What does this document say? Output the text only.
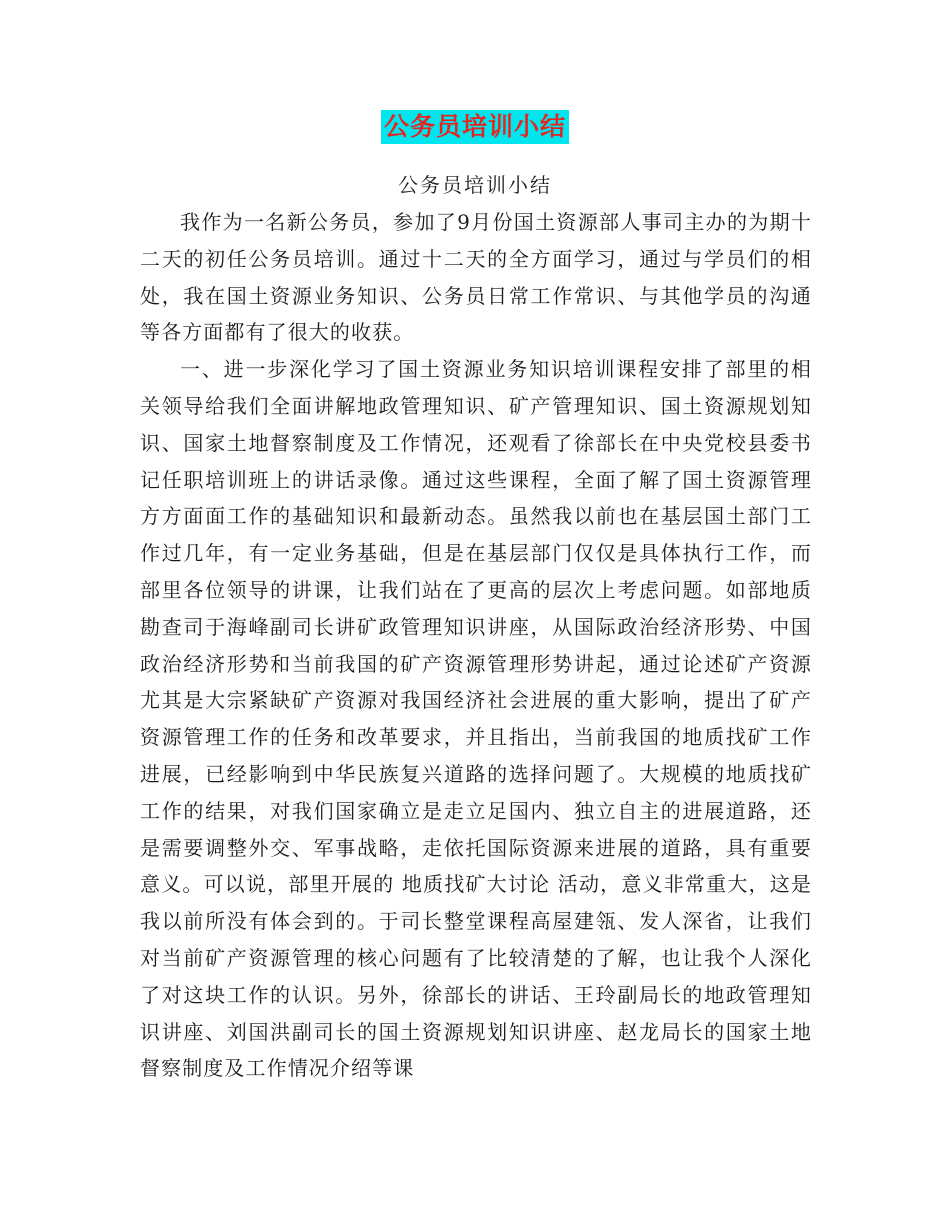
公务员培训小结
公务员培训小结

我作为一名新公务员，参加了9月份国土资源部人事司主办的为期十二天的初任公务员培训。通过十二天的全方面学习，通过与学员们的相处，我在国土资源业务知识、公务员日常工作常识、与其他学员的沟通等各方面都有了很大的收获。

一、进一步深化学习了国土资源业务知识培训课程安排了部里的相关领导给我们全面讲解地政管理知识、矿产管理知识、国土资源规划知识、国家土地督察制度及工作情况，还观看了徐部长在中央党校县委书记任职培训班上的讲话录像。通过这些课程，全面了解了国土资源管理方方面面工作的基础知识和最新动态。虽然我以前也在基层国土部门工作过几年，有一定业务基础，但是在基层部门仅仅是具体执行工作，而部里各位领导的讲课，让我们站在了更高的层次上考虑问题。如部地质勘查司于海峰副司长讲矿政管理知识讲座，从国际政治经济形势、中国政治经济形势和当前我国的矿产资源管理形势讲起，通过论述矿产资源尤其是大宗紧缺矿产资源对我国经济社会进展的重大影响，提出了矿产资源管理工作的任务和改革要求，并且指出，当前我国的地质找矿工作进展，已经影响到中华民族复兴道路的选择问题了。大规模的地质找矿工作的结果，对我们国家确立是走立足国内、独立自主的进展道路，还是需要调整外交、军事战略，走依托国际资源来进展的道路，具有重要意义。可以说，部里开展的 地质找矿大讨论 活动，意义非常重大，这是我以前所没有体会到的。于司长整堂课程高屋建瓴、发人深省，让我们对当前矿产资源管理的核心问题有了比较清楚的了解，也让我个人深化了对这块工作的认识。另外，徐部长的讲话、王玲副局长的地政管理知识讲座、刘国洪副司长的国土资源规划知识讲座、赵龙局长的国家土地督察制度及工作情况介绍等课
